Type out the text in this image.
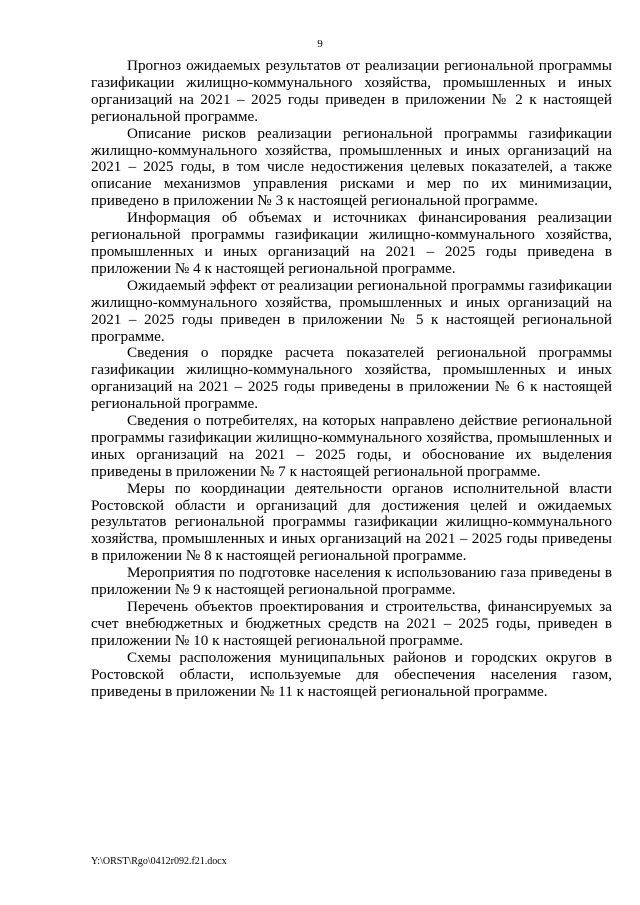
9

Прогноз ожидаемых результатов от реализации региональной программы газификации жилищно-коммунального хозяйства, промышленных и иных организаций на 2021 – 2025 годы приведен в приложении № 2 к настоящей региональной программе.

Описание рисков реализации региональной программы газификации жилищно-коммунального хозяйства, промышленных и иных организаций на 2021 – 2025 годы, в том числе недостижения целевых показателей, а также описание механизмов управления рисками и мер по их минимизации, приведено в приложении № 3 к настоящей региональной программе.

Информация об объемах и источниках финансирования реализации региональной программы газификации жилищно-коммунального хозяйства, промышленных и иных организаций на 2021 – 2025 годы приведена в приложении № 4 к настоящей региональной программе.

Ожидаемый эффект от реализации региональной программы газификации жилищно-коммунального хозяйства, промышленных и иных организаций на 2021 – 2025 годы приведен в приложении № 5 к настоящей региональной программе.

Сведения о порядке расчета показателей региональной программы газификации жилищно-коммунального хозяйства, промышленных и иных организаций на 2021 – 2025 годы приведены в приложении № 6 к настоящей региональной программе.

Сведения о потребителях, на которых направлено действие региональной программы газификации жилищно-коммунального хозяйства, промышленных и иных организаций на 2021 – 2025 годы, и обоснование их выделения приведены в приложении № 7 к настоящей региональной программе.

Меры по координации деятельности органов исполнительной власти Ростовской области и организаций для достижения целей и ожидаемых результатов региональной программы газификации жилищно-коммунального хозяйства, промышленных и иных организаций на 2021 – 2025 годы приведены в приложении № 8 к настоящей региональной программе.

Мероприятия по подготовке населения к использованию газа приведены в приложении № 9 к настоящей региональной программе.

Перечень объектов проектирования и строительства, финансируемых за счет внебюджетных и бюджетных средств на 2021 – 2025 годы, приведен в приложении № 10 к настоящей региональной программе.

Схемы расположения муниципальных районов и городских округов в Ростовской области, используемые для обеспечения населения газом, приведены в приложении № 11 к настоящей региональной программе.

Y:\ORST\Rgo\0412r092.f21.docx
